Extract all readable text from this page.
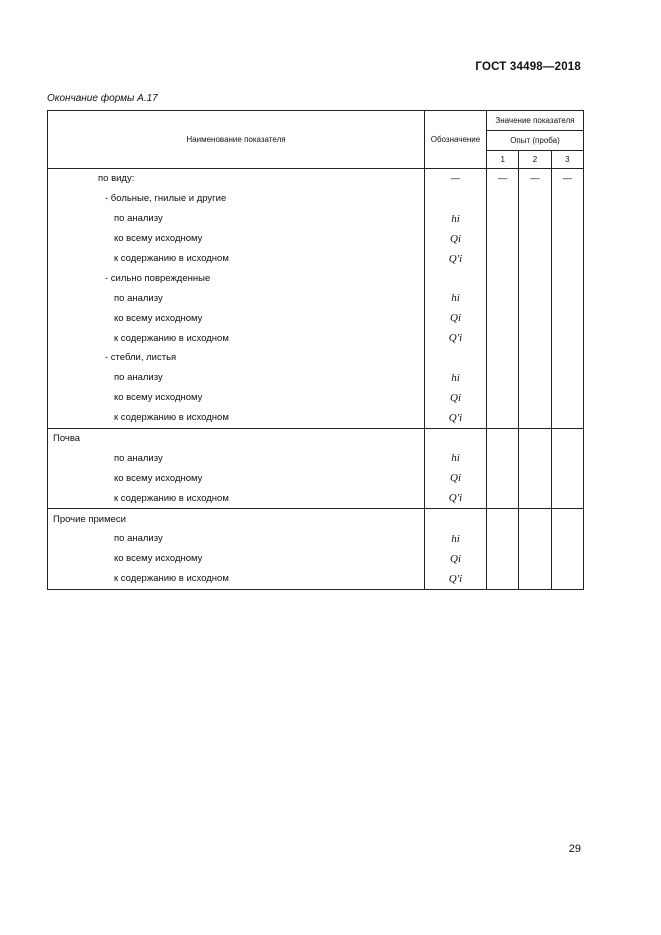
ГОСТ 34498—2018
Окончание формы А.17
Наименование показателя	Обозначение	Значение показателя		
		Опыт (проба)		
		1	2	3
по виду:	—	—	—	—
- больные, гнилые и другие				
по анализу	hi			
ко всему исходному	Qi			
к содержанию в исходном	Q′i			
- сильно поврежденные				
по анализу	hi			
ко всему исходному	Qi			
к содержанию в исходном	Q′i			
- стебли, листья				
по анализу	hi			
ко всему исходному	Qi			
к содержанию в исходном	Q′i			
Почва				
по анализу	hi			
ко всему исходному	Qi			
к содержанию в исходном	Q′i			
Прочие примеси				
по анализу	hi			
ко всему исходному	Qi			
к содержанию в исходном	Q′i			
29
